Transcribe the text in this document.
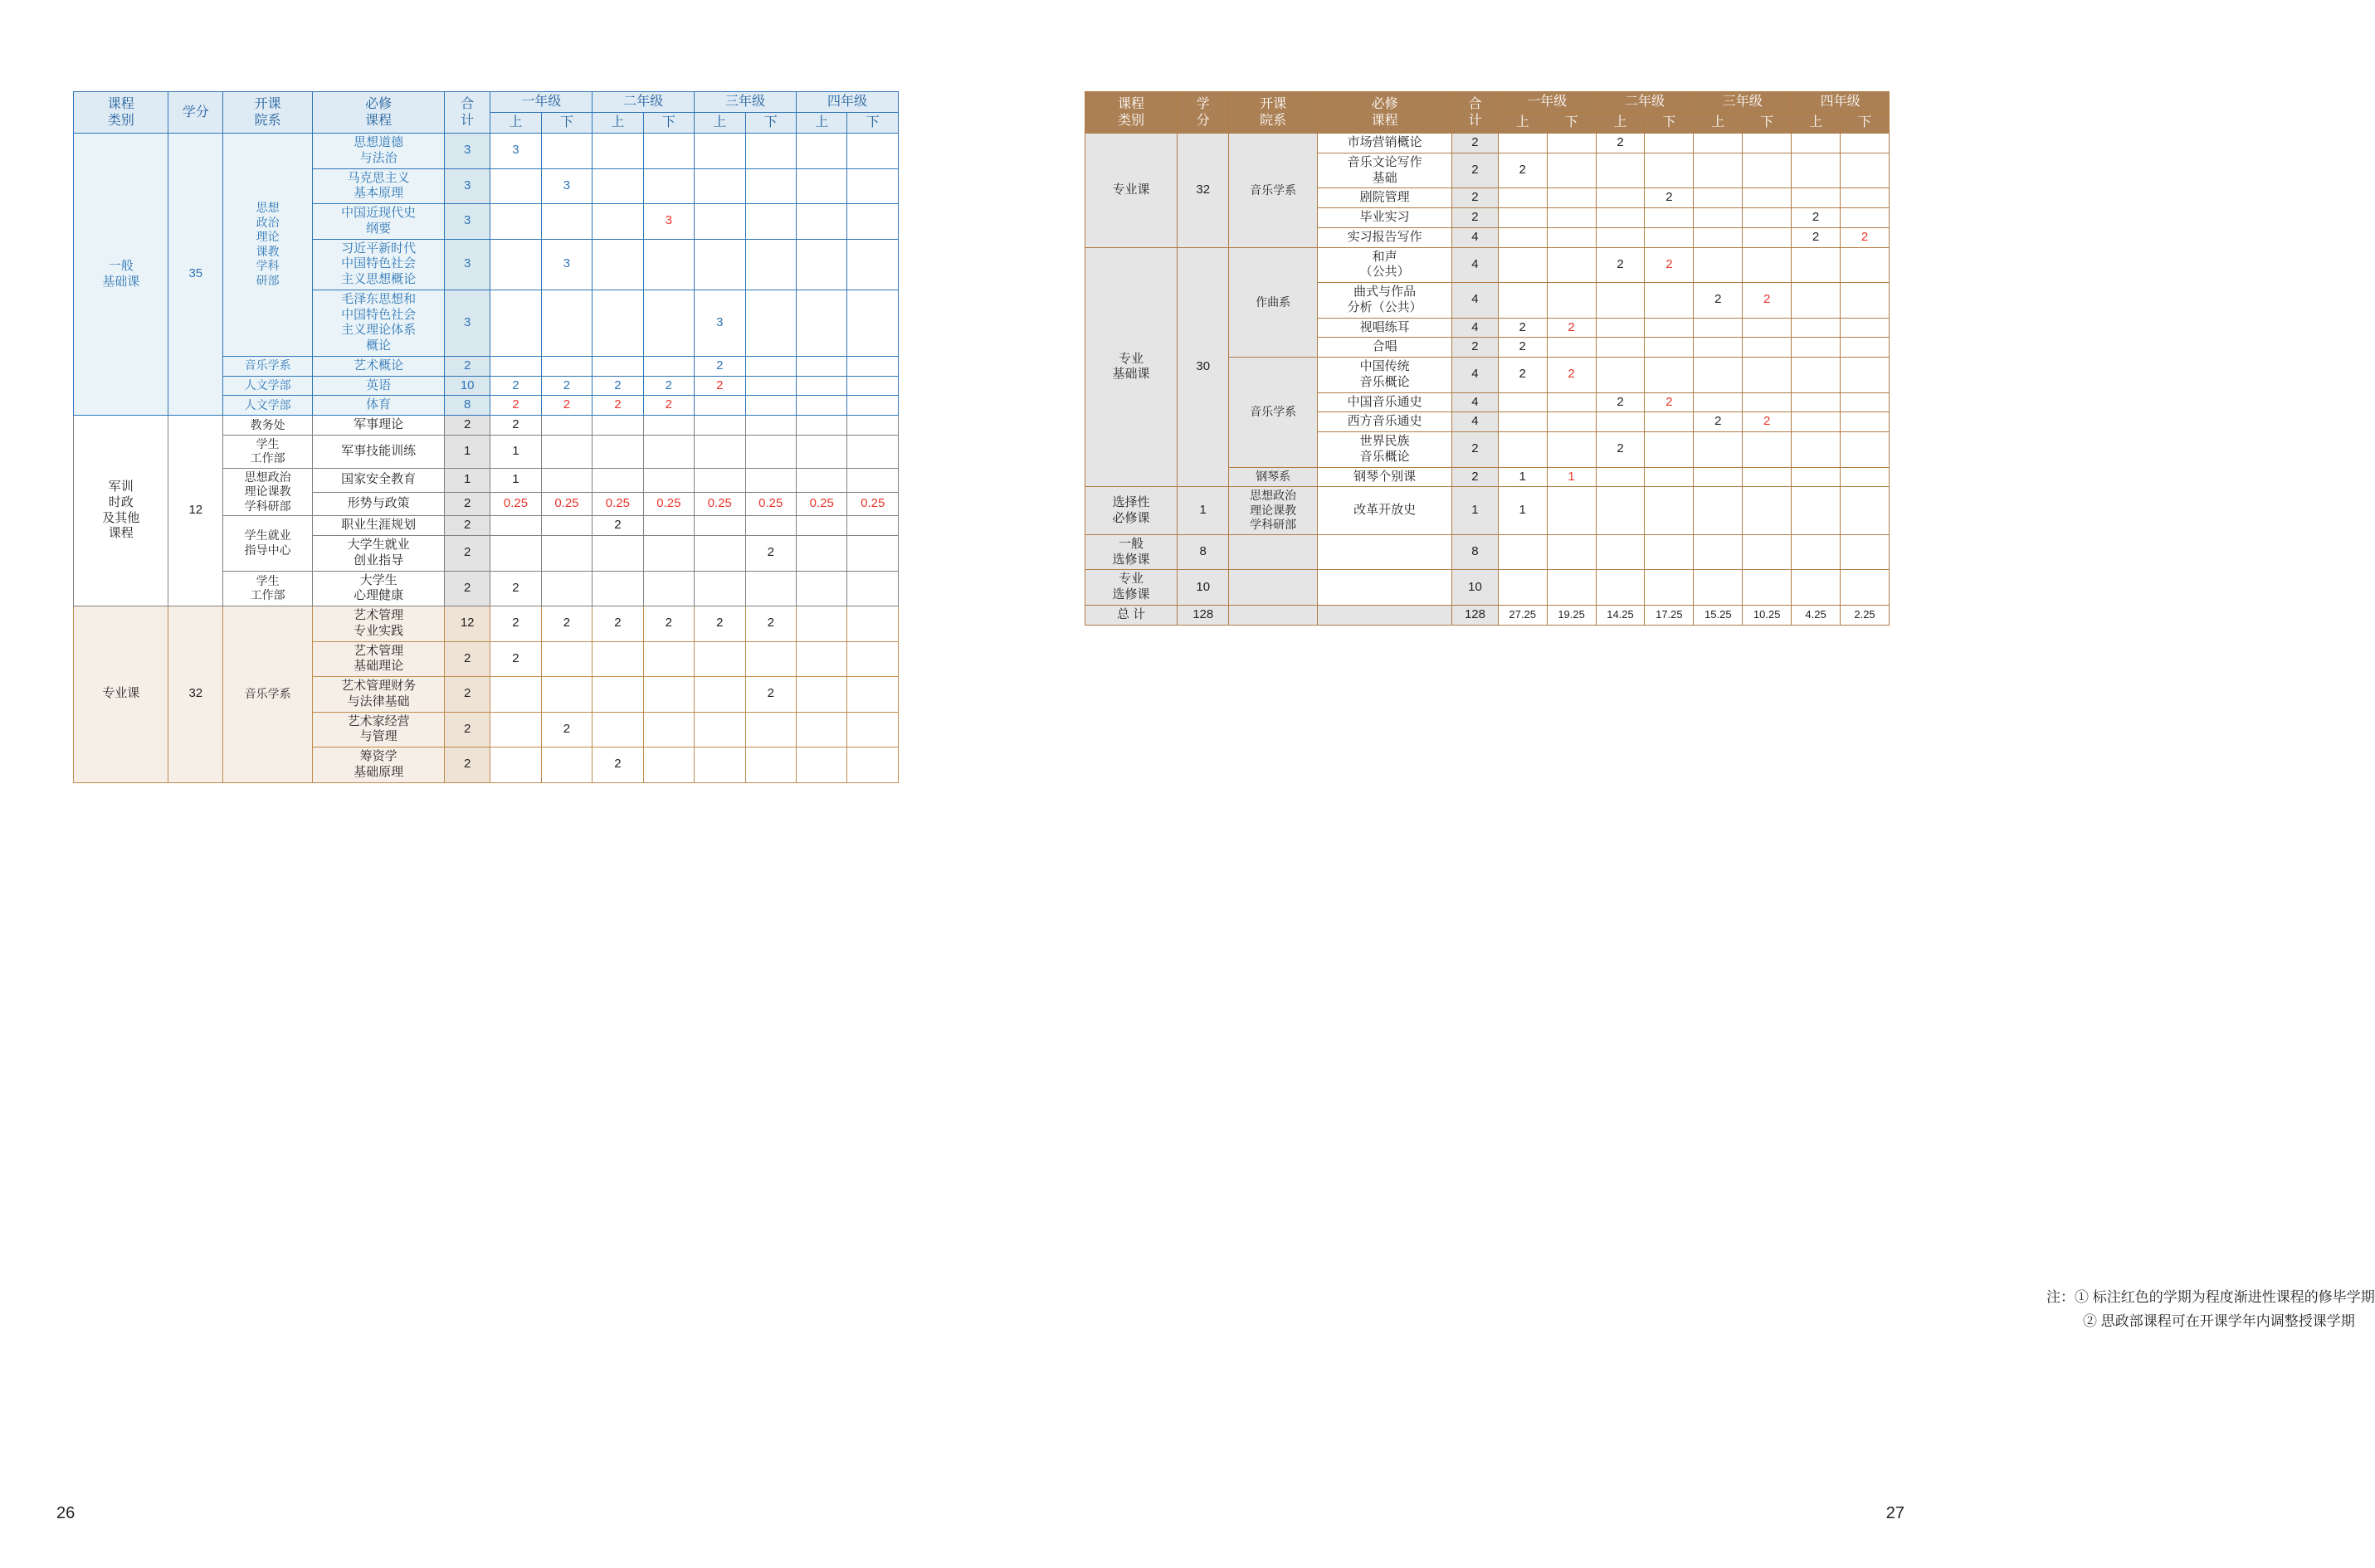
课程
类别	学分	开课
院系	必修
课程	合
计	一年级		二年级		三年级		四年级	
					上	下	上	下	上	下	上	下
一般
基础课	35	思想
政治
理论
课教
学科
研部	思想道德
与法治	3	3							
			马克思主义
基本原理	3		3						
			中国近现代史
纲要	3				3				
			习近平新时代
中国特色社会
主义思想概论	3		3						
			毛泽东思想和
中国特色社会
主义理论体系
概论	3					3			
		音乐学系	艺术概论	2					2			
		人文学部	英语	10	2	2	2	2	2			
		人文学部	体育	8	2	2	2	2				
军训
时政
及其他
课程	12	教务处	军事理论	2	2							
		学生
工作部	军事技能训练	1	1							
		思想政治
理论课教
学科研部	国家安全教育	1	1							
			形势与政策	2	0.25	0.25	0.25	0.25	0.25	0.25	0.25	0.25
		学生就业
指导中心	职业生涯规划	2			2					
			大学生就业
创业指导	2						2		
		学生
工作部	大学生
心理健康	2	2							
专业课	32	音乐学系	艺术管理
专业实践	12	2	2	2	2	2	2		
			艺术管理
基础理论	2	2							
			艺术管理财务
与法律基础	2						2		
			艺术家经营
与管理	2		2						
			筹资学
基础原理	2			2					
26
课程
类别	学
分	开课
院系	必修
课程	合
计	一年级		二年级		三年级		四年级	
					上	下	上	下	上	下	上	下
专业课	32	音乐学系	市场营销概论	2			2					
			音乐文论写作
基础	2	2							
			剧院管理	2				2				
			毕业实习	2							2	
			实习报告写作	4							2	2
专业
基础课	30	作曲系	和声
（公共）	4			2	2				
			曲式与作品
分析（公共）	4					2	2		
			视唱练耳	4	2	2						
			合唱	2	2							
		音乐学系	中国传统
音乐概论	4	2	2						
			中国音乐通史	4			2	2				
			西方音乐通史	4					2	2		
			世界民族
音乐概论	2			2					
		钢琴系	钢琴个别课	2	1	1						
选择性
必修课	1	思想政治
理论课教
学科研部	改革开放史	1	1							
一般
选修课	8			8								
专业
选修课	10			10								
总 计	128			128	27.25	19.25	14.25	17.25	15.25	10.25	4.25	2.25
注：① 标注红色的学期为程度渐进性课程的修毕学期
② 思政部课程可在开课学年内调整授课学期
27
